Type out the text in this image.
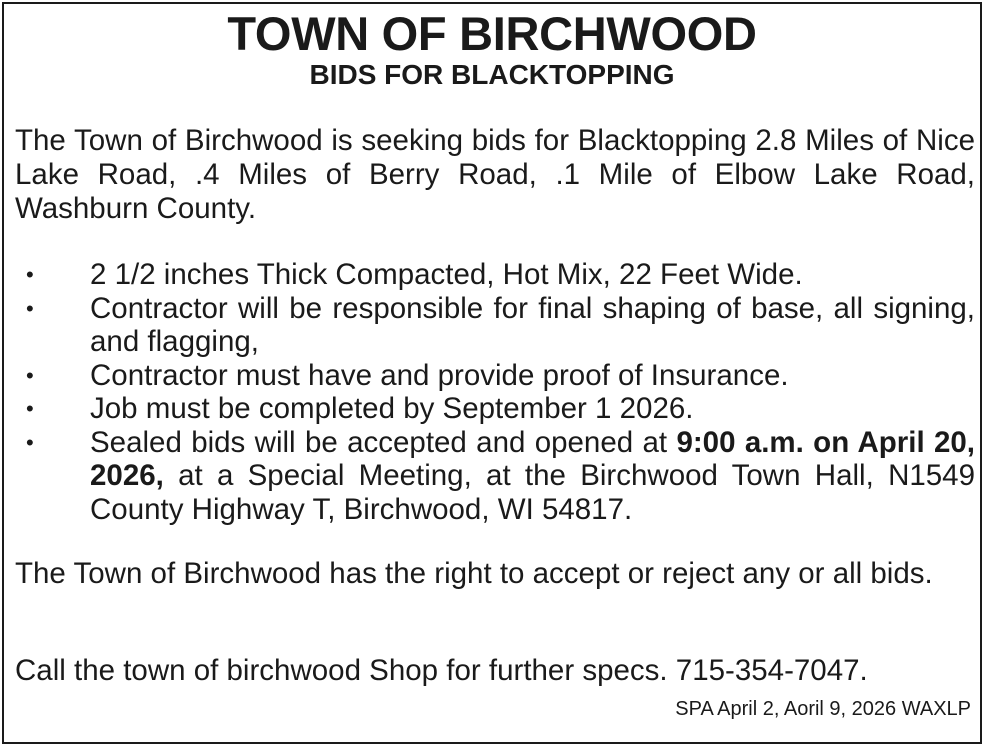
TOWN OF BIRCHWOOD
BIDS FOR BLACKTOPPING
The Town of Birchwood is seeking bids for Blacktopping 2.8 Miles of Nice Lake Road, .4 Miles of Berry Road, .1 Mile of Elbow Lake Road, Washburn County.
• 2 1/2 inches Thick Compacted, Hot Mix, 22 Feet Wide.
• Contractor will be responsible for final shaping of base, all signing, and flagging,
• Contractor must have and provide proof of Insurance.
• Job must be completed by September 1 2026.
• Sealed bids will be accepted and opened at 9:00 a.m. on April 20, 2026, at a Special Meeting, at the Birchwood Town Hall, N1549 County Highway T, Birchwood, WI 54817.
The Town of Birchwood has the right to accept or reject any or all bids.
Call the town of birchwood Shop for further specs. 715-354-7047.
SPA April 2, Aoril 9, 2026 WAXLP
